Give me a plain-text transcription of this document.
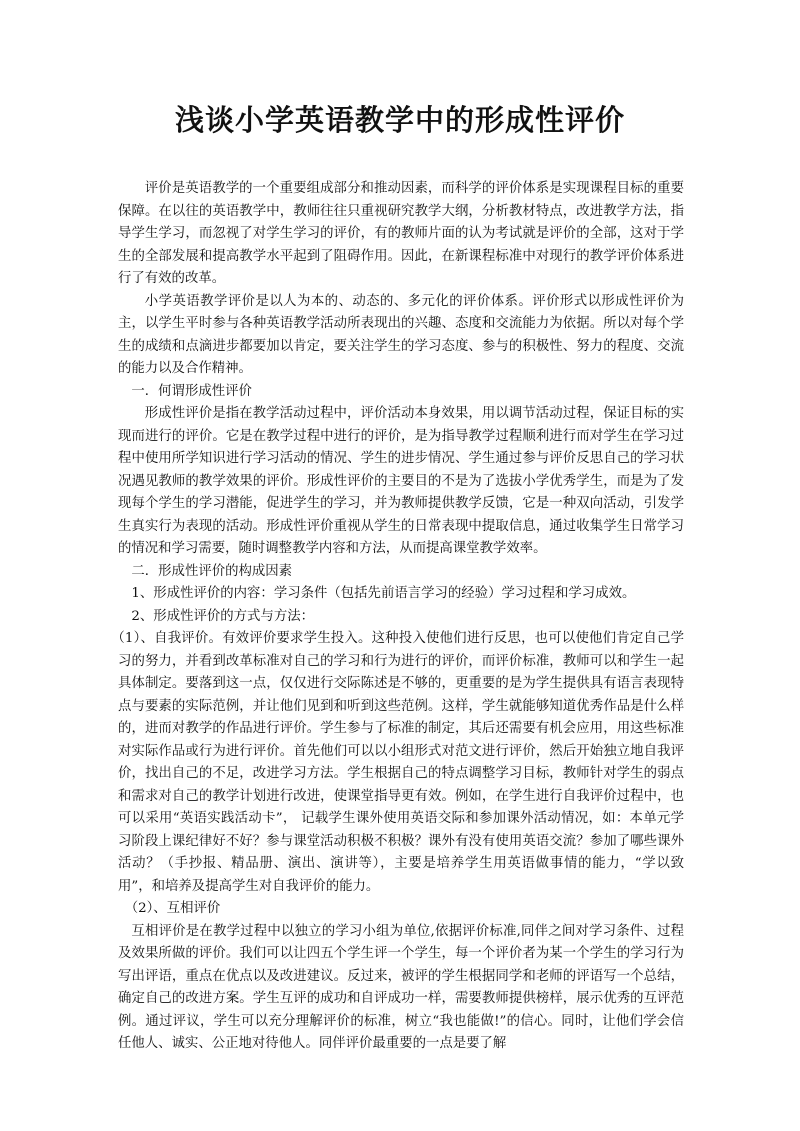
浅谈小学英语教学中的形成性评价

评价是英语教学的一个重要组成部分和推动因素，而科学的评价体系是实现课程目标的重要保障。在以往的英语教学中，教师往往只重视研究教学大纲，分析教材特点，改进教学方法，指导学生学习，而忽视了对学生学习的评价，有的教师片面的认为考试就是评价的全部，这对于学生的全部发展和提高教学水平起到了阻碍作用。因此，在新课程标准中对现行的教学评价体系进行了有效的改革。

小学英语教学评价是以人为本的、动态的、多元化的评价体系。评价形式以形成性评价为主，以学生平时参与各种英语教学活动所表现出的兴趣、态度和交流能力为依据。所以对每个学生的成绩和点滴进步都要加以肯定，要关注学生的学习态度、参与的积极性、努力的程度、交流的能力以及合作精神。

一．何谓形成性评价

形成性评价是指在教学活动过程中，评价活动本身效果，用以调节活动过程，保证目标的实现而进行的评价。它是在教学过程中进行的评价，是为指导教学过程顺利进行而对学生在学习过程中使用所学知识进行学习活动的情况、学生的进步情况、学生通过参与评价反思自己的学习状况遇见教师的教学效果的评价。形成性评价的主要目的不是为了选拔小学优秀学生，而是为了发现每个学生的学习潜能，促进学生的学习，并为教师提供教学反馈，它是一种双向活动，引发学生真实行为表现的活动。形成性评价重视从学生的日常表现中提取信息，通过收集学生日常学习的情况和学习需要，随时调整教学内容和方法，从而提高课堂教学效率。

二．形成性评价的构成因素

1、形成性评价的内容：学习条件（包括先前语言学习的经验）学习过程和学习成效。

2、形成性评价的方式与方法：

（1）、自我评价。有效评价要求学生投入。这种投入使他们进行反思，也可以使他们肯定自己学习的努力，并看到改革标准对自己的学习和行为进行的评价，而评价标准，教师可以和学生一起具体制定。要落到这一点，仅仅进行交际陈述是不够的，更重要的是为学生提供具有语言表现特点与要素的实际范例，并让他们见到和听到这些范例。这样，学生就能够知道优秀作品是什么样的，进而对教学的作品进行评价。学生参与了标准的制定，其后还需要有机会应用，用这些标准对实际作品或行为进行评价。首先他们可以以小组形式对范文进行评价，然后开始独立地自我评价，找出自己的不足，改进学习方法。学生根据自己的特点调整学习目标，教师针对学生的弱点和需求对自己的教学计划进行改进，使课堂指导更有效。例如，在学生进行自我评价过程中，也可以采用“英语实践活动卡”， 记载学生课外使用英语交际和参加课外活动情况，如：本单元学习阶段上课纪律好不好？参与课堂活动积极不积极？课外有没有使用英语交流？参加了哪些课外活动？（手抄报、精品册、演出、演讲等），主要是培养学生用英语做事情的能力，“学以致用”，和培养及提高学生对自我评价的能力。

（2）、互相评价

互相评价是在教学过程中以独立的学习小组为单位,依据评价标准,同伴之间对学习条件、过程及效果所做的评价。我们可以让四五个学生评一个学生，每一个评价者为某一个学生的学习行为写出评语，重点在优点以及改进建议。反过来，被评的学生根据同学和老师的评语写一个总结，确定自己的改进方案。学生互评的成功和自评成功一样，需要教师提供榜样，展示优秀的互评范例。通过评议，学生可以充分理解评价的标准，树立“我也能做!”的信心。同时，让他们学会信任他人、诚实、公正地对待他人。同伴评价最重要的一点是要了解
